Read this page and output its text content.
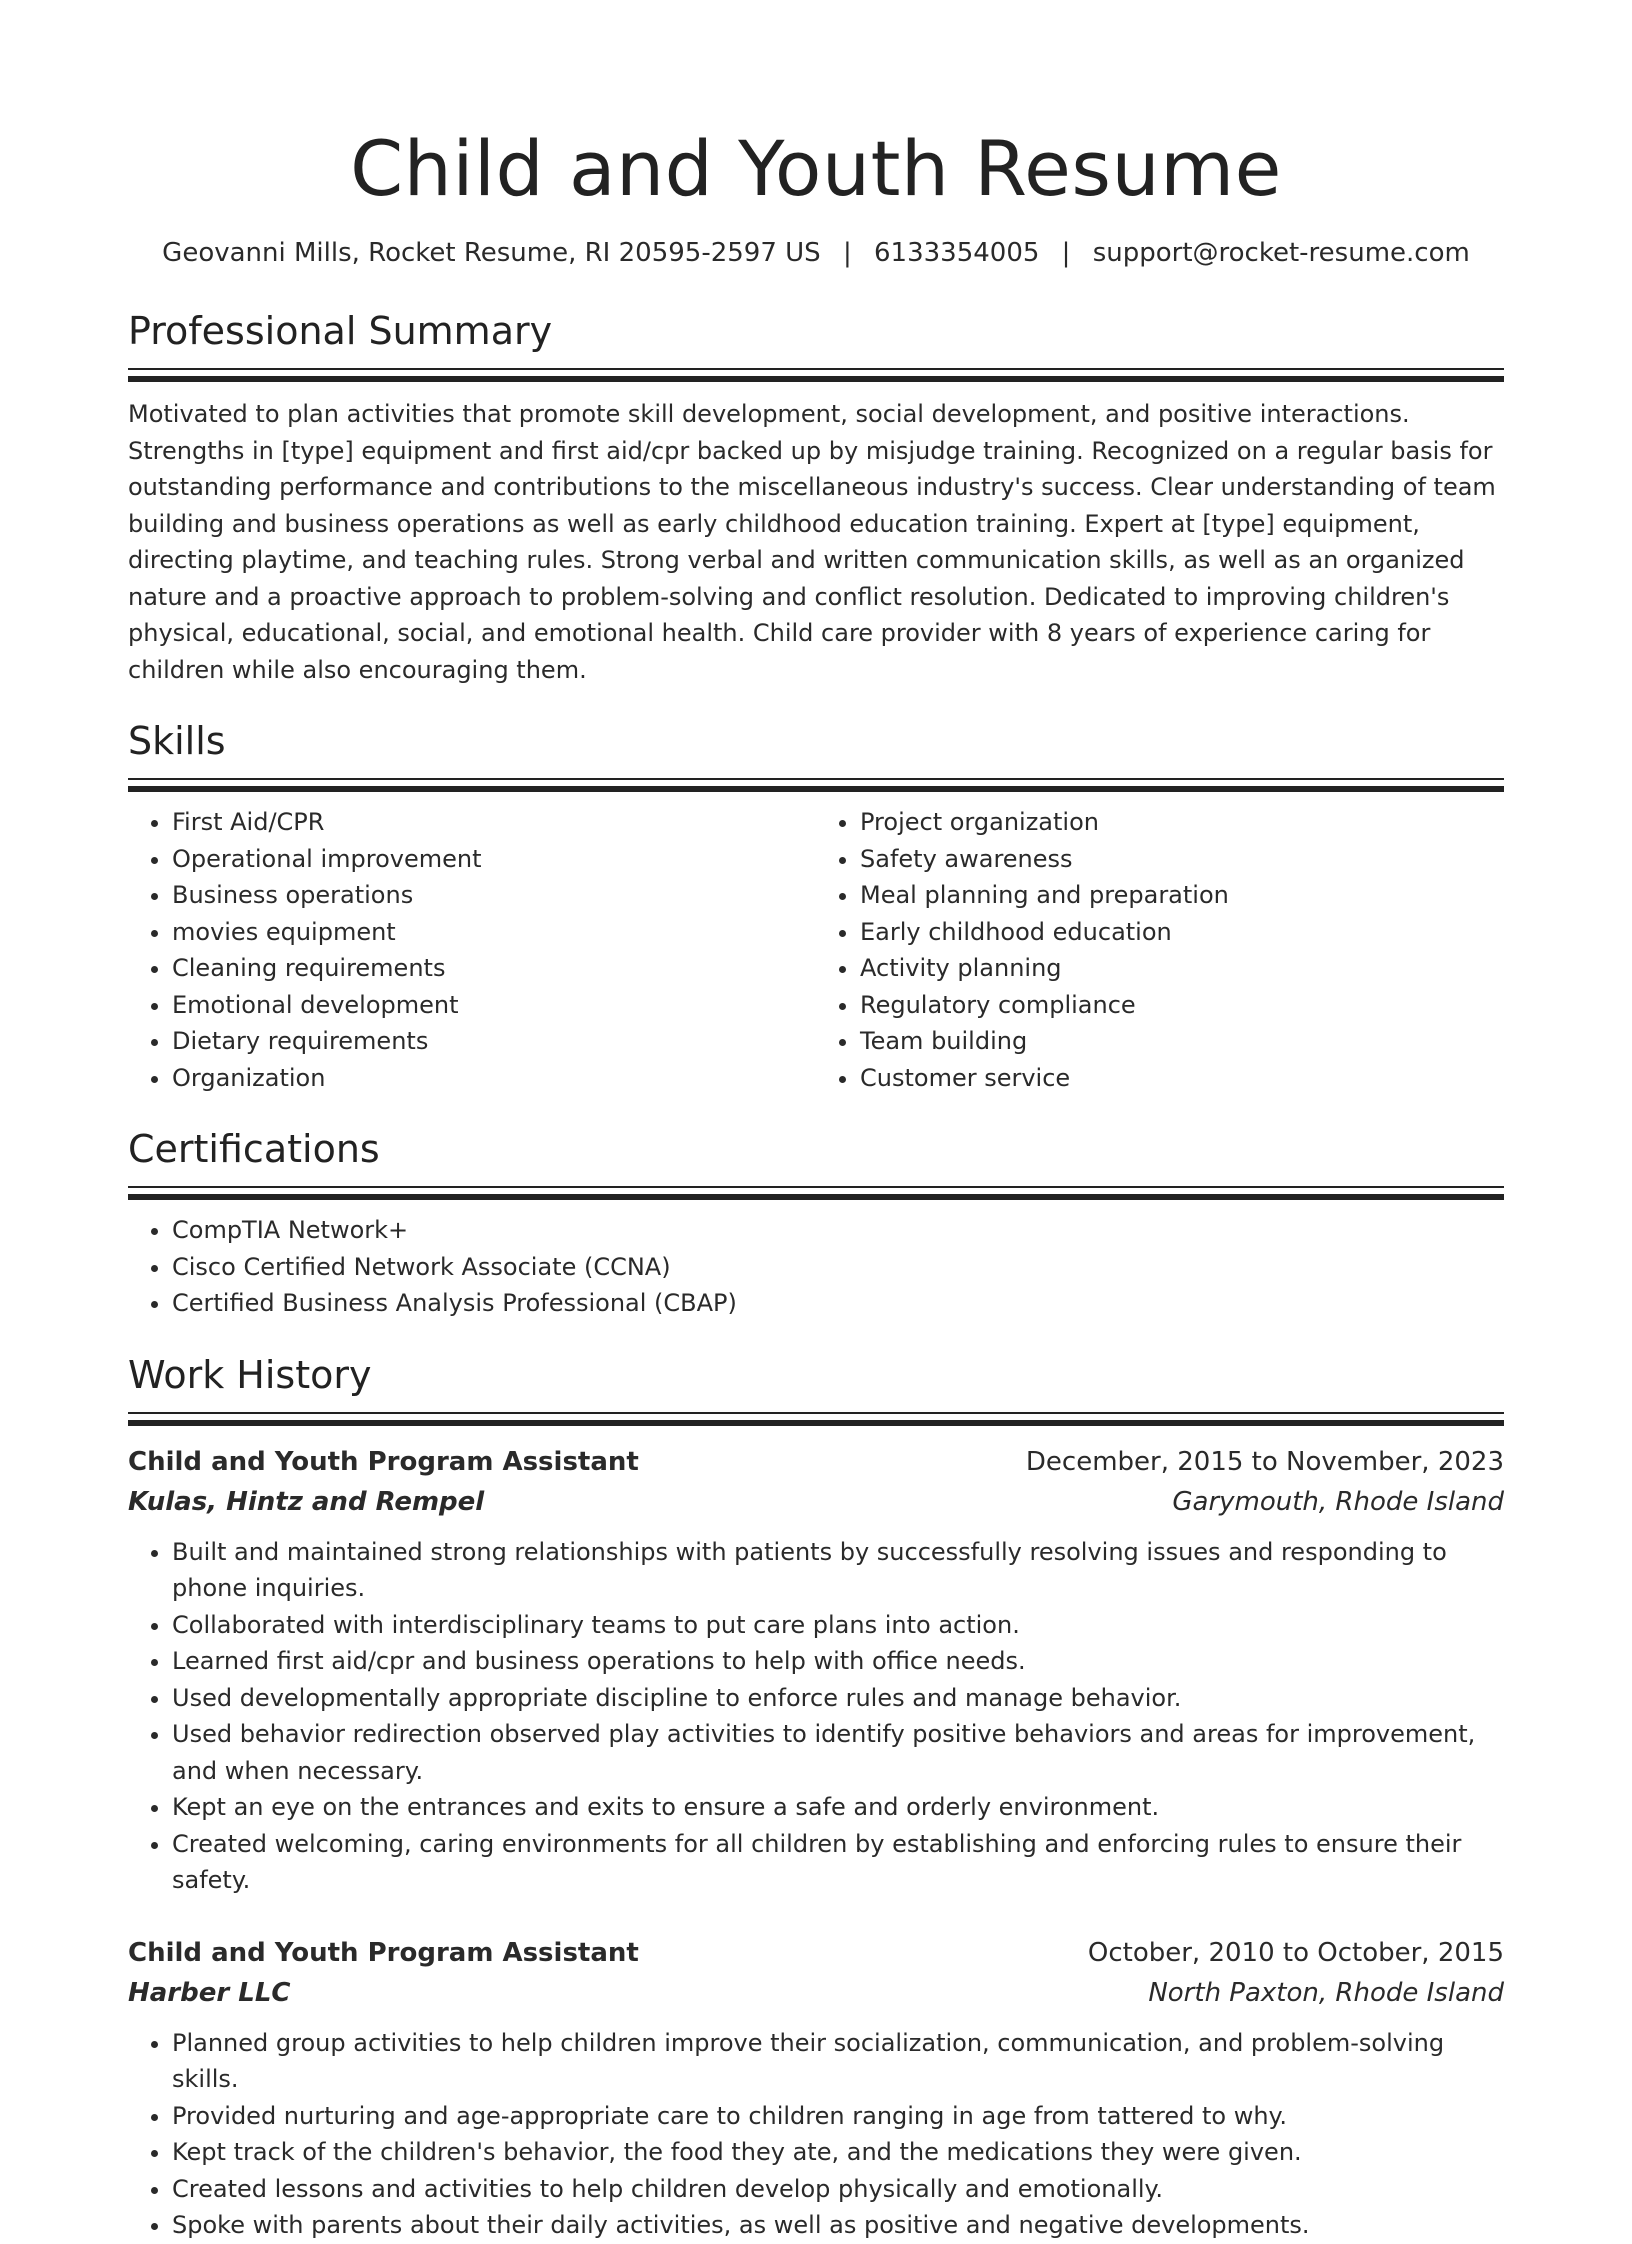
Child and Youth Resume
Geovanni Mills, Rocket Resume, RI 20595-2597 US | 6133354005 | support@rocket-resume.com
Professional Summary
Motivated to plan activities that promote skill development, social development, and positive interactions. Strengths in [type] equipment and first aid/cpr backed up by misjudge training. Recognized on a regular basis for outstanding performance and contributions to the miscellaneous industry's success. Clear understanding of team building and business operations as well as early childhood education training. Expert at [type] equipment, directing playtime, and teaching rules. Strong verbal and written communication skills, as well as an organized nature and a proactive approach to problem-solving and conflict resolution. Dedicated to improving children's physical, educational, social, and emotional health. Child care provider with 8 years of experience caring for children while also encouraging them.
Skills
• First Aid/CPR
• Operational improvement
• Business operations
• movies equipment
• Cleaning requirements
• Emotional development
• Dietary requirements
• Organization
• Project organization
• Safety awareness
• Meal planning and preparation
• Early childhood education
• Activity planning
• Regulatory compliance
• Team building
• Customer service
Certifications
• CompTIA Network+
• Cisco Certified Network Associate (CCNA)
• Certified Business Analysis Professional (CBAP)
Work History
Child and Youth Program Assistant	December, 2015 to November, 2023
Kulas, Hintz and Rempel	Garymouth, Rhode Island
• Built and maintained strong relationships with patients by successfully resolving issues and responding to phone inquiries.
• Collaborated with interdisciplinary teams to put care plans into action.
• Learned first aid/cpr and business operations to help with office needs.
• Used developmentally appropriate discipline to enforce rules and manage behavior.
• Used behavior redirection observed play activities to identify positive behaviors and areas for improvement, and when necessary.
• Kept an eye on the entrances and exits to ensure a safe and orderly environment.
• Created welcoming, caring environments for all children by establishing and enforcing rules to ensure their safety.
Child and Youth Program Assistant	October, 2010 to October, 2015
Harber LLC	North Paxton, Rhode Island
• Planned group activities to help children improve their socialization, communication, and problem-solving skills.
• Provided nurturing and age-appropriate care to children ranging in age from tattered to why.
• Kept track of the children's behavior, the food they ate, and the medications they were given.
• Created lessons and activities to help children develop physically and emotionally.
• Spoke with parents about their daily activities, as well as positive and negative developments.
